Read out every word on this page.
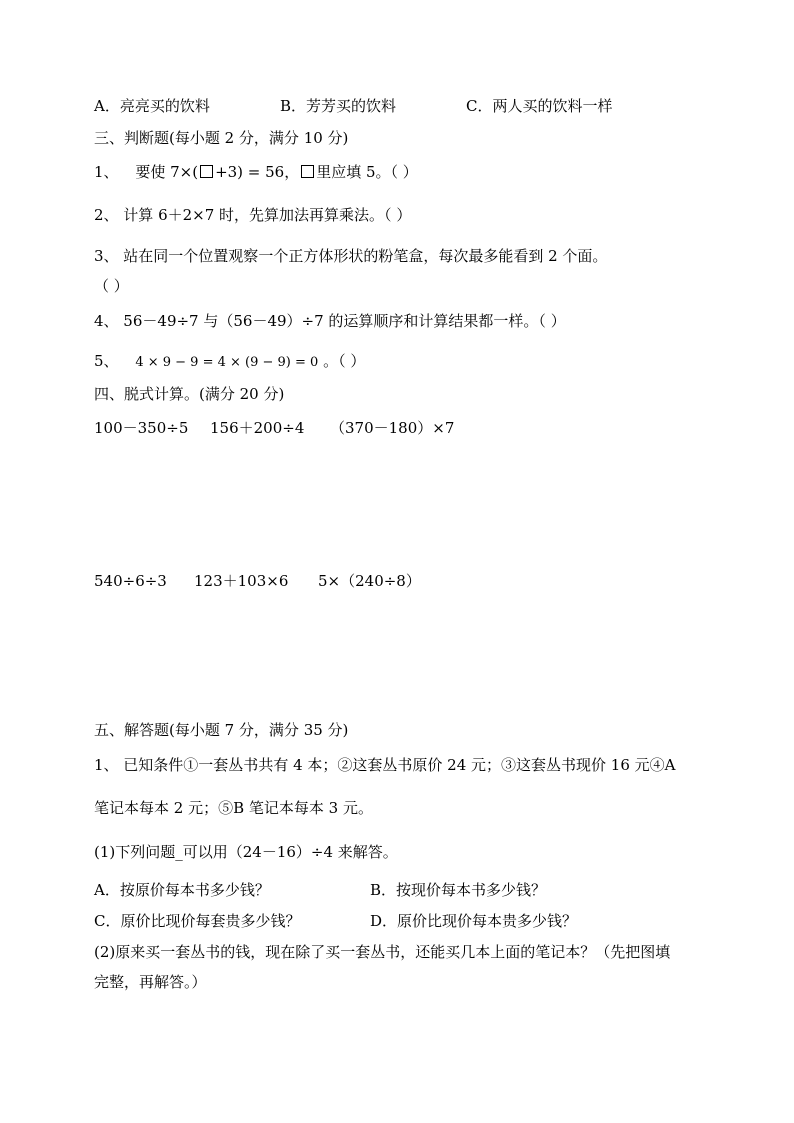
A．亮亮买的饮料	B．芳芳买的饮料	C．两人买的饮料一样
三、判断题(每小题 2 分，满分 10 分)
1、 要使 7×( +3) = 56， 里应填 5。（ ）
2、 计算 6＋2×7 时，先算加法再算乘法。（ ）
3、 站在同一个位置观察一个正方体形状的粉笔盒，每次最多能看到 2 个面。
（ ）
4、 56－49÷7 与（56－49）÷7 的运算顺序和计算结果都一样。（ ）
5、 4 × 9 − 9 = 4 × (9 − 9) = 0 。（ ）
四、脱式计算。(满分 20 分)
100－350÷5 156＋200÷4 （370－180）×7
540÷6÷3 123＋103×6 5×（240÷8）
五、解答题(每小题 7 分，满分 35 分)
1、 已知条件①一套丛书共有 4 本；②这套丛书原价 24 元；③这套丛书现价 16 元④A
笔记本每本 2 元；⑤B 笔记本每本 3 元。
(1)下列问题_可以用（24－16）÷4 来解答。
A．按原价每本书多少钱？	B．按现价每本书多少钱？
C．原价比现价每套贵多少钱？	D．原价比现价每本贵多少钱？
(2)原来买一套丛书的钱，现在除了买一套丛书，还能买几本上面的笔记本？（先把图填
完整，再解答。）
